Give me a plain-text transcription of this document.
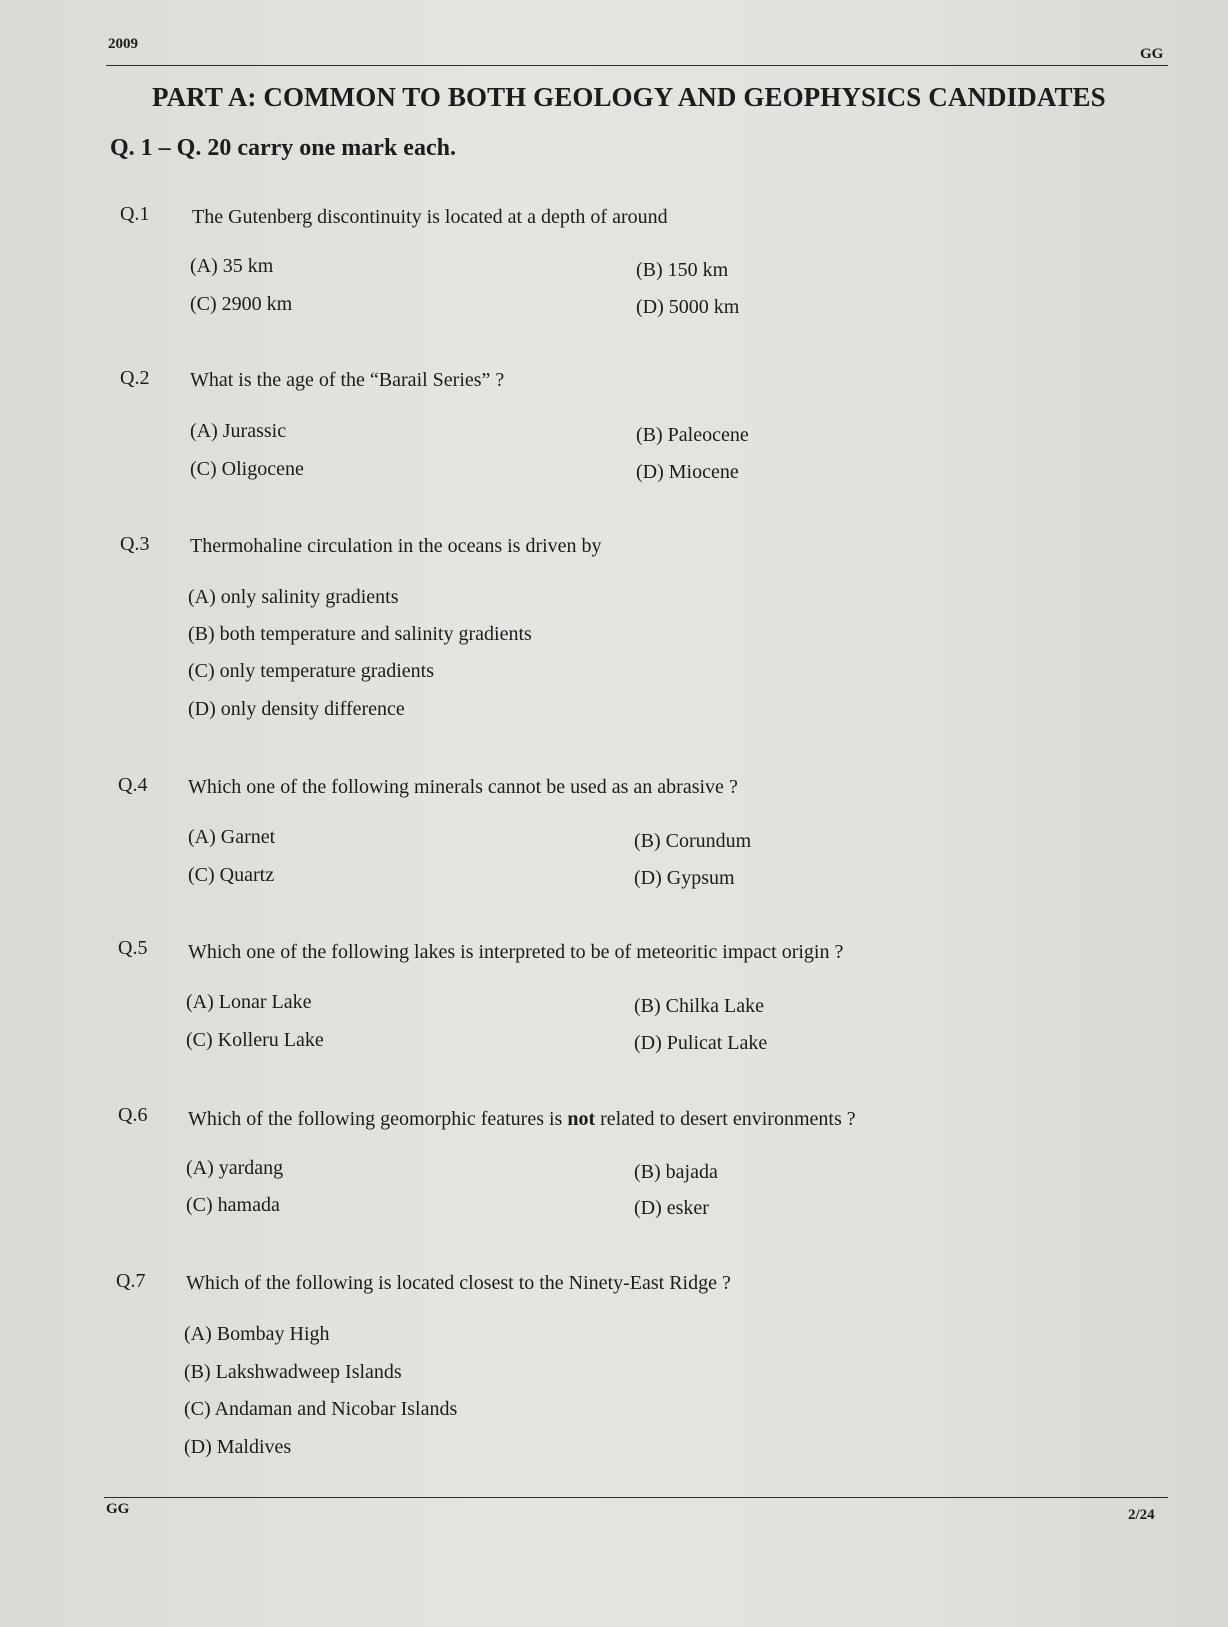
2009
GG
PART A: COMMON TO BOTH GEOLOGY AND GEOPHYSICS CANDIDATES
Q. 1 – Q. 20 carry one mark each.
Q.1 The Gutenberg discontinuity is located at a depth of around
(A) 35 km	(B) 150 km
(C) 2900 km	(D) 5000 km
Q.2 What is the age of the “Barail Series” ?
(A) Jurassic	(B) Paleocene
(C) Oligocene	(D) Miocene
Q.3 Thermohaline circulation in the oceans is driven by
(A) only salinity gradients
(B) both temperature and salinity gradients
(C) only temperature gradients
(D) only density difference
Q.4 Which one of the following minerals cannot be used as an abrasive ?
(A) Garnet	(B) Corundum
(C) Quartz	(D) Gypsum
Q.5 Which one of the following lakes is interpreted to be of meteoritic impact origin ?
(A) Lonar Lake	(B) Chilka Lake
(C) Kolleru Lake	(D) Pulicat Lake
Q.6 Which of the following geomorphic features is not related to desert environments ?
(A) yardang	(B) bajada
(C) hamada	(D) esker
Q.7 Which of the following is located closest to the Ninety-East Ridge ?
(A) Bombay High
(B) Lakshwadweep Islands
(C) Andaman and Nicobar Islands
(D) Maldives
GG	2/24
